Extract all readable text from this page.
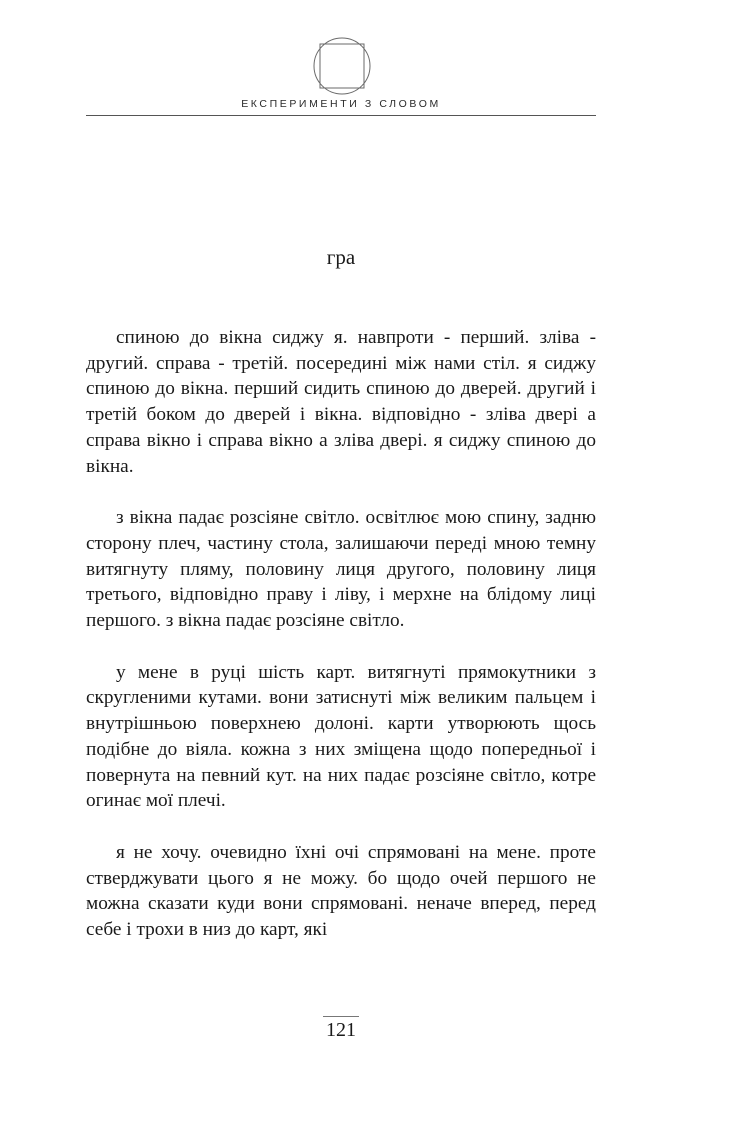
ЕКСПЕРИМЕНТИ З СЛОВОМ
гра

спиною до вікна сиджу я. навпроти - перший. зліва - другий. справа - третій. посередині між нами стіл. я сиджу спиною до вікна. перший сидить спиною до дверей. другий і третій боком до дверей і вікна. відповідно - зліва двері а справа вікно і справа вікно а зліва двері. я сиджу спиною до вікна.

з вікна падає розсіяне світло. освітлює мою спину, задню сторону плеч, частину стола, залишаючи переді мною темну витягнуту пляму, половину лиця другого, половину лиця третього, відповідно праву і ліву, і мерхне на блідому лиці першого. з вікна падає розсіяне світло.

у мене в руці шість карт. витягнуті прямокутники з скругленими кутами. вони затиснуті між великим пальцем і внутрішньою поверхнею долоні. карти утворюють щось подібне до віяла. кожна з них зміщена щодо попередньої і повернута на певний кут. на них падає розсіяне світло, котре огинає мої плечі.

я не хочу. очевидно їхні очі спрямовані на мене. проте стверджувати цього я не можу. бо щодо очей першого не можна сказати куди вони спрямовані. неначе вперед, перед себе і трохи в низ до карт, які

121
